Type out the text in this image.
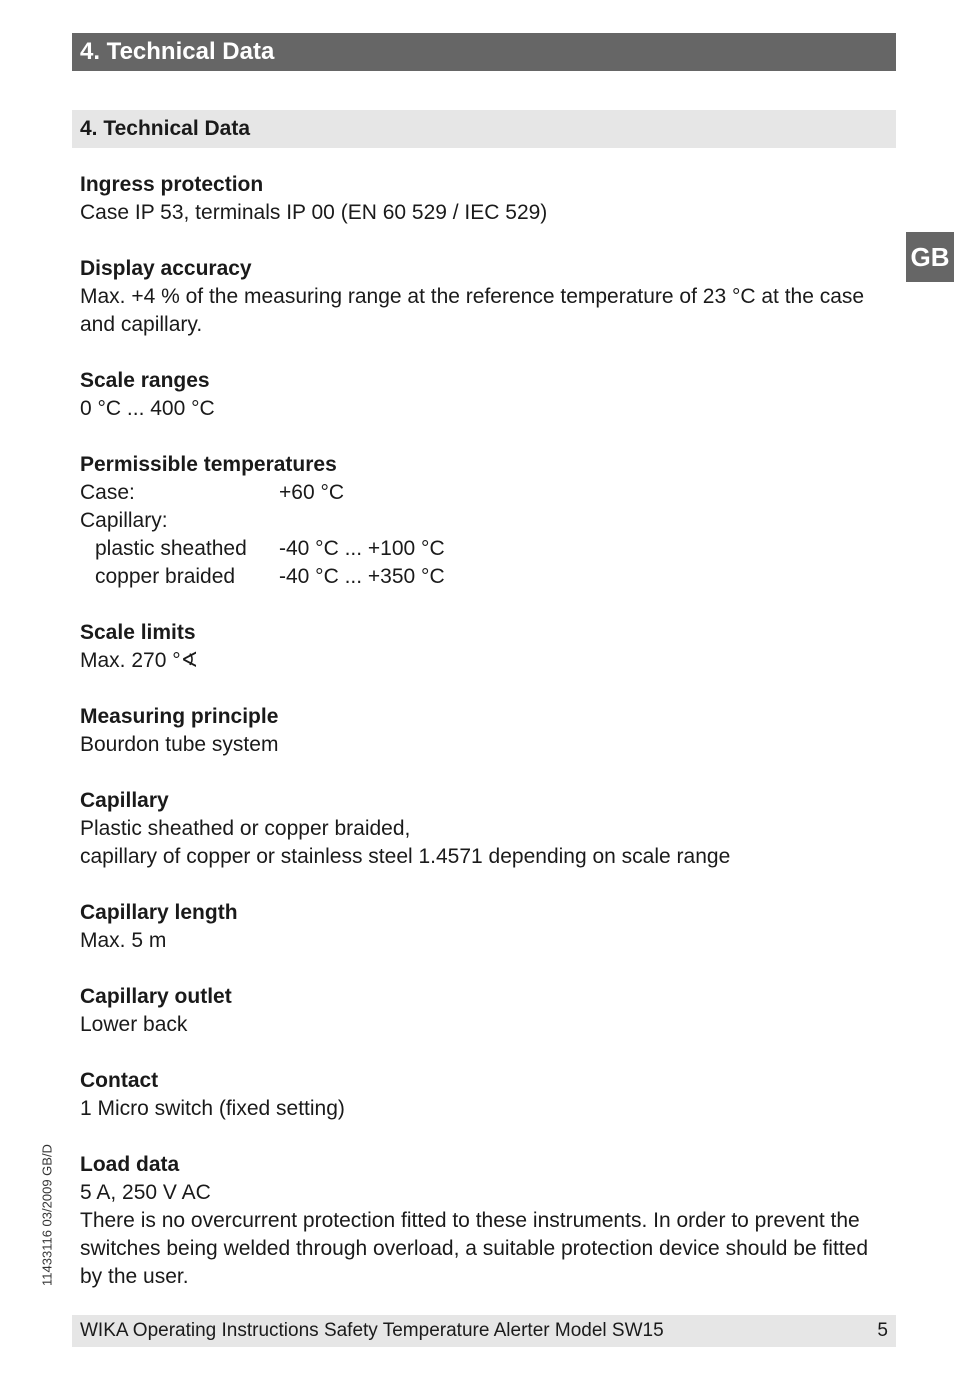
4. Technical Data
4. Technical Data
GB

Ingress protection

Case IP 53, terminals IP 00 (EN 60 529 / IEC 529)

Display accuracy

Max. +4 % of the measuring range at the reference temperature of 23 °C at the case and capillary.

Scale ranges

0 °C ... 400 °C

Permissible temperatures

Case:	+60 °C
Capillary:	
plastic sheathed	-40 °C ... +100 °C
copper braided	-40 °C ... +350 °C

Scale limits

Max. 270 °∢

Measuring principle

Bourdon tube system

Capillary

Plastic sheathed or copper braided,

capillary of copper or stainless steel 1.4571 depending on scale range

Capillary length

Max. 5 m

Capillary outlet

Lower back

Contact

1 Micro switch (fixed setting)

Load data

5 A, 250 V AC

There is no overcurrent protection fitted to these instruments. In order to prevent the switches being welded through overload, a suitable protection device should be fitted by the user.

11433116 03/2009 GB/D
WIKA Operating Instructions Safety Temperature Alerter Model SW15	5
